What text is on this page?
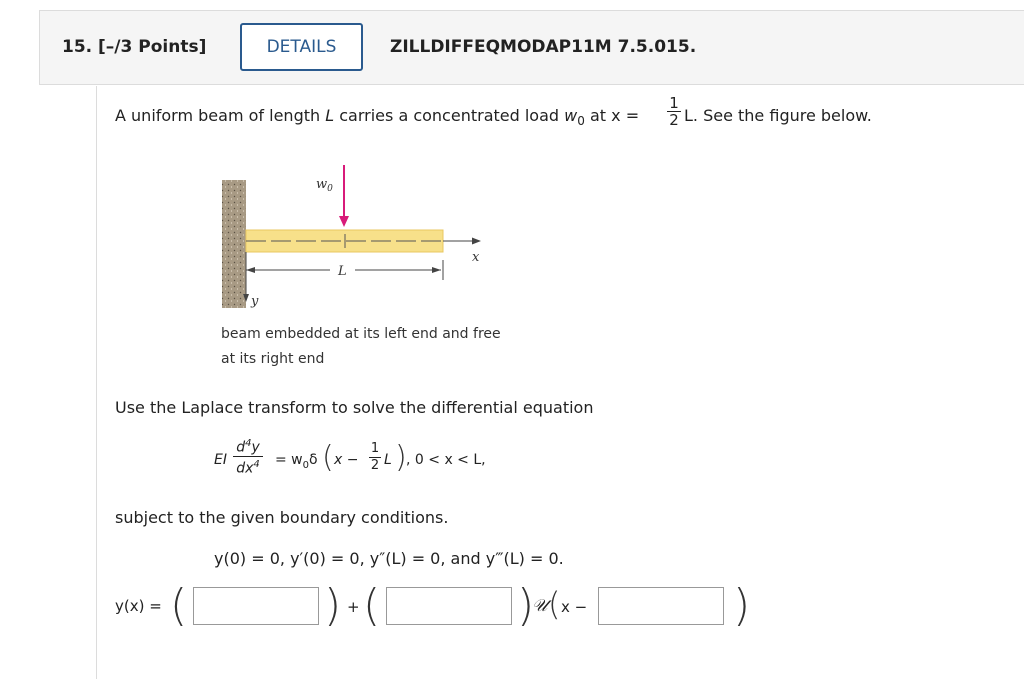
15. [–/3 Points]	DETAILS	ZILLDIFFEQMODAP11M 7.5.015.
A uniform beam of length L carries a concentrated load $w_0$ at $x = \frac{1}{2} L$. See the figure below.
$w_0$
L
x
y
beam embedded at its left end and free
at its right end
Use the Laplace transform to solve the differential equation
EI $\frac{d^4y}{dx^4} = w_0\delta$ ( $x - \frac{1}{2}$ L ) , 0 < x < L,
subject to the given boundary conditions.
y(0) = 0, y′(0) = 0, y″(L) = 0, and y‴(L) = 0.
y(x) = (	) + (	)
𝒰 ( x −	)
